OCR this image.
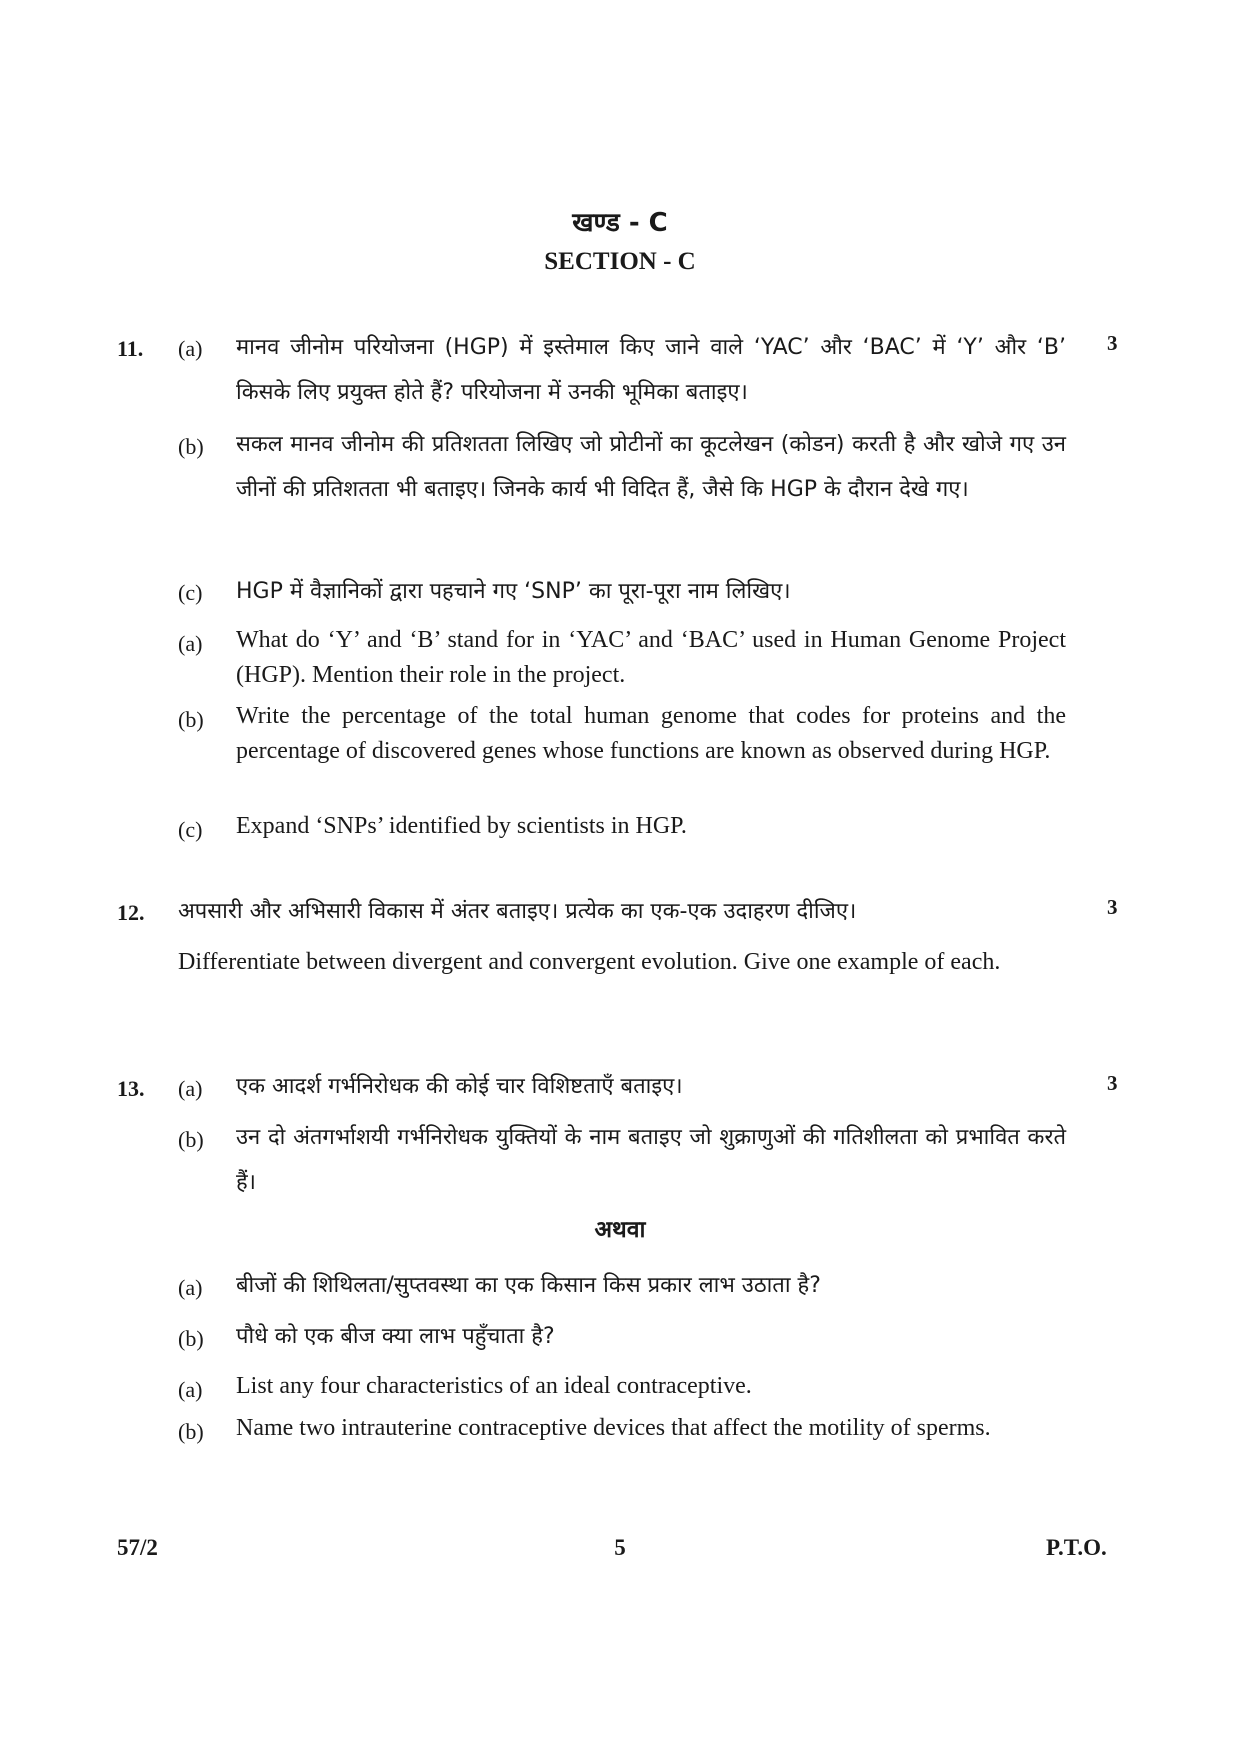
खण्ड - C
SECTION - C
11.	3
(a) मानव जीनोम परियोजना (HGP) में इस्तेमाल किए जाने वाले ‘YAC’ और ‘BAC’ में ‘Y’ और ‘B’ किसके लिए प्रयुक्त होते हैं? परियोजना में उनकी भूमिका बताइए।
(b) सकल मानव जीनोम की प्रतिशतता लिखिए जो प्रोटीनों का कूटलेखन (कोडन) करती है और खोजे गए उन जीनों की प्रतिशतता भी बताइए। जिनके कार्य भी विदित हैं, जैसे कि HGP के दौरान देखे गए।
(c) HGP में वैज्ञानिकों द्वारा पहचाने गए ‘SNP’ का पूरा-पूरा नाम लिखिए।
(a) What do ‘Y’ and ‘B’ stand for in ‘YAC’ and ‘BAC’ used in Human Genome Project (HGP). Mention their role in the project.
(b) Write the percentage of the total human genome that codes for proteins and the percentage of discovered genes whose functions are known as observed during HGP.
(c) Expand ‘SNPs’ identified by scientists in HGP.
12.	3
अपसारी और अभिसारी विकास में अंतर बताइए। प्रत्येक का एक-एक उदाहरण दीजिए।
Differentiate between divergent and convergent evolution. Give one example of each.
13.	3
(a) एक आदर्श गर्भनिरोधक की कोई चार विशिष्टताएँ बताइए।
(b) उन दो अंतगर्भाशयी गर्भनिरोधक युक्तियों के नाम बताइए जो शुक्राणुओं की गतिशीलता को प्रभावित करते हैं।
अथवा
(a) बीजों की शिथिलता/सुप्तवस्था का एक किसान किस प्रकार लाभ उठाता है?
(b) पौधे को एक बीज क्या लाभ पहुँचाता है?
(a) List any four characteristics of an ideal contraceptive.
(b) Name two intrauterine contraceptive devices that affect the motility of sperms.
57/2	5	P.T.O.
